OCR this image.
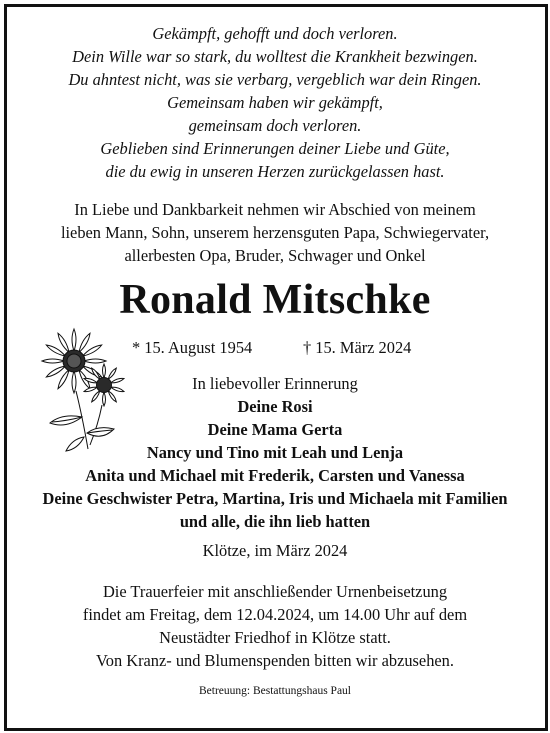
Gekämpft, gehofft und doch verloren.
Dein Wille war so stark, du wolltest die Krankheit bezwingen.
Du ahntest nicht, was sie verbarg, vergeblich war dein Ringen.
Gemeinsam haben wir gekämpft,
gemeinsam doch verloren.
Geblieben sind Erinnerungen deiner Liebe und Güte,
die du ewig in unseren Herzen zurückgelassen hast.
In Liebe und Dankbarkeit nehmen wir Abschied von meinem
lieben Mann, Sohn, unserem herzensguten Papa, Schwiegervater,
allerbesten Opa, Bruder, Schwager und Onkel
Ronald Mitschke
* 15. August 1954	† 15. März 2024
In liebevoller Erinnerung
Deine Rosi
Deine Mama Gerta
Nancy und Tino mit Leah und Lenja
Anita und Michael mit Frederik, Carsten und Vanessa
Deine Geschwister Petra, Martina, Iris und Michaela mit Familien
und alle, die ihn lieb hatten
Klötze, im März 2024
Die Trauerfeier mit anschließender Urnenbeisetzung
findet am Freitag, dem 12.04.2024, um 14.00 Uhr auf dem
Neustädter Friedhof in Klötze statt.
Von Kranz- und Blumenspenden bitten wir abzusehen.
Betreuung: Bestattungshaus Paul
